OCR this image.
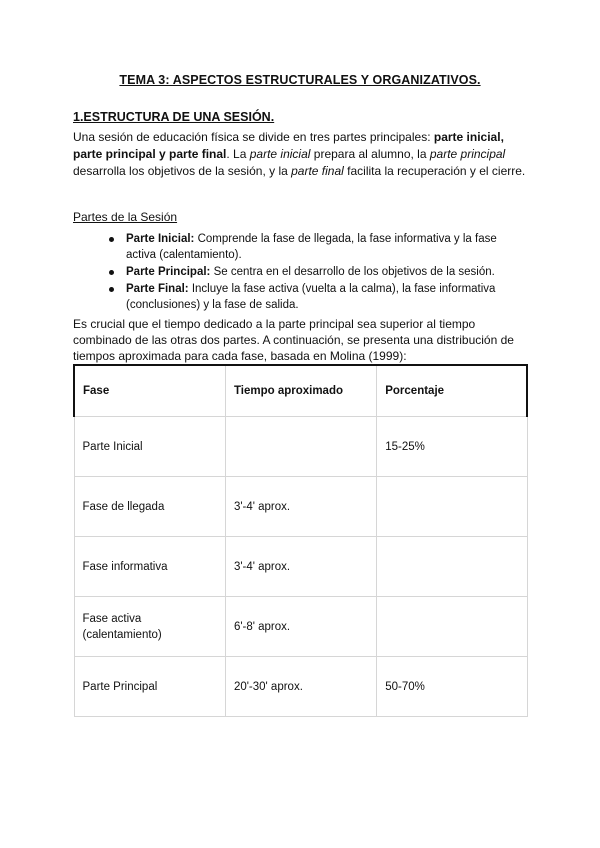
TEMA 3: ASPECTOS ESTRUCTURALES Y ORGANIZATIVOS.
1.ESTRUCTURA DE UNA SESIÓN.

Una sesión de educación física se divide en tres partes principales: parte inicial, parte principal y parte final. La parte inicial prepara al alumno, la parte principal desarrolla los objetivos de la sesión, y la parte final facilita la recuperación y el cierre.

Partes de la Sesión
Parte Inicial: Comprende la fase de llegada, la fase informativa y la fase activa (calentamiento).
Parte Principal: Se centra en el desarrollo de los objetivos de la sesión.
Parte Final: Incluye la fase activa (vuelta a la calma), la fase informativa (conclusiones) y la fase de salida.

Es crucial que el tiempo dedicado a la parte principal sea superior al tiempo combinado de las otras dos partes. A continuación, se presenta una distribución de tiempos aproximada para cada fase, basada en Molina (1999):

Fase	Tiempo aproximado	Porcentaje
Parte Inicial		15-25%
Fase de llegada	3'-4' aprox.	
Fase informativa	3'-4' aprox.	
Fase activa (calentamiento)	6'-8' aprox.	
Parte Principal	20'-30' aprox.	50-70%
